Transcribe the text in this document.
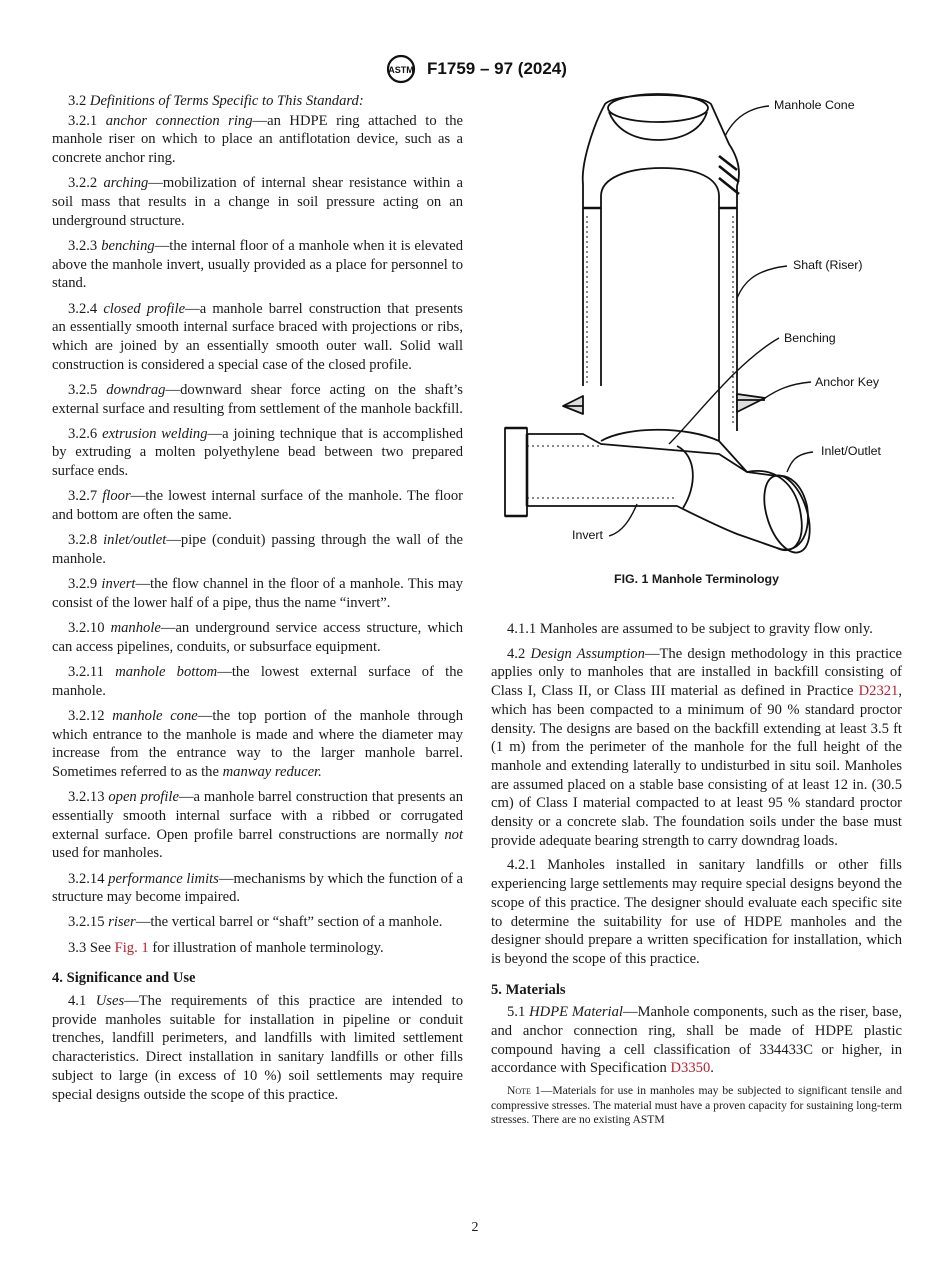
ASTM F1759 – 97 (2024)

3.2 Definitions of Terms Specific to This Standard:

3.2.1 anchor connection ring—an HDPE ring attached to the manhole riser on which to place an antiflotation device, such as a concrete anchor ring.

3.2.2 arching—mobilization of internal shear resistance within a soil mass that results in a change in soil pressure acting on an underground structure.

3.2.3 benching—the internal floor of a manhole when it is elevated above the manhole invert, usually provided as a place for personnel to stand.

3.2.4 closed profile—a manhole barrel construction that presents an essentially smooth internal surface braced with projections or ribs, which are joined by an essentially smooth outer wall. Solid wall construction is considered a special case of the closed profile.

3.2.5 downdrag—downward shear force acting on the shaft’s external surface and resulting from settlement of the manhole backfill.

3.2.6 extrusion welding—a joining technique that is accomplished by extruding a molten polyethylene bead between two prepared surface ends.

3.2.7 floor—the lowest internal surface of the manhole. The floor and bottom are often the same.

3.2.8 inlet/outlet—pipe (conduit) passing through the wall of the manhole.

3.2.9 invert—the flow channel in the floor of a manhole. This may consist of the lower half of a pipe, thus the name “invert”.

3.2.10 manhole—an underground service access structure, which can access pipelines, conduits, or subsurface equipment.

3.2.11 manhole bottom—the lowest external surface of the manhole.

3.2.12 manhole cone—the top portion of the manhole through which entrance to the manhole is made and where the diameter may increase from the entrance way to the larger manhole barrel. Sometimes referred to as the manway reducer.

3.2.13 open profile—a manhole barrel construction that presents an essentially smooth internal surface with a ribbed or corrugated external surface. Open profile barrel constructions are normally not used for manholes.

3.2.14 performance limits—mechanisms by which the function of a structure may become impaired.

3.2.15 riser—the vertical barrel or “shaft” section of a manhole.

3.3 See Fig. 1 for illustration of manhole terminology.

4. Significance and Use

4.1 Uses—The requirements of this practice are intended to provide manholes suitable for installation in pipeline or conduit trenches, landfill perimeters, and landfills with limited settlement characteristics. Direct installation in sanitary landfills or other fills subject to large (in excess of 10 %) soil settlements may require special designs outside the scope of this practice.

Manhole Cone
Shaft (Riser)
Benching
Anchor Key
Inlet/Outlet
Invert
FIG. 1 Manhole Terminology

4.1.1 Manholes are assumed to be subject to gravity flow only.

4.2 Design Assumption—The design methodology in this practice applies only to manholes that are installed in backfill consisting of Class I, Class II, or Class III material as defined in Practice D2321, which has been compacted to a minimum of 90 % standard proctor density. The designs are based on the backfill extending at least 3.5 ft (1 m) from the perimeter of the manhole for the full height of the manhole and extending laterally to undisturbed in situ soil. Manholes are assumed placed on a stable base consisting of at least 12 in. (30.5 cm) of Class I material compacted to at least 95 % standard proctor density or a concrete slab. The foundation soils under the base must provide adequate bearing strength to carry downdrag loads.

4.2.1 Manholes installed in sanitary landfills or other fills experiencing large settlements may require special designs beyond the scope of this practice. The designer should evaluate each specific site to determine the suitability for use of HDPE manholes and the designer should prepare a written specification for installation, which is beyond the scope of this practice.

5. Materials

5.1 HDPE Material—Manhole components, such as the riser, base, and anchor connection ring, shall be made of HDPE plastic compound having a cell classification of 334433C or higher, in accordance with Specification D3350.

Note 1—Materials for use in manholes may be subjected to significant tensile and compressive stresses. The material must have a proven capacity for sustaining long-term stresses. There are no existing ASTM
2
